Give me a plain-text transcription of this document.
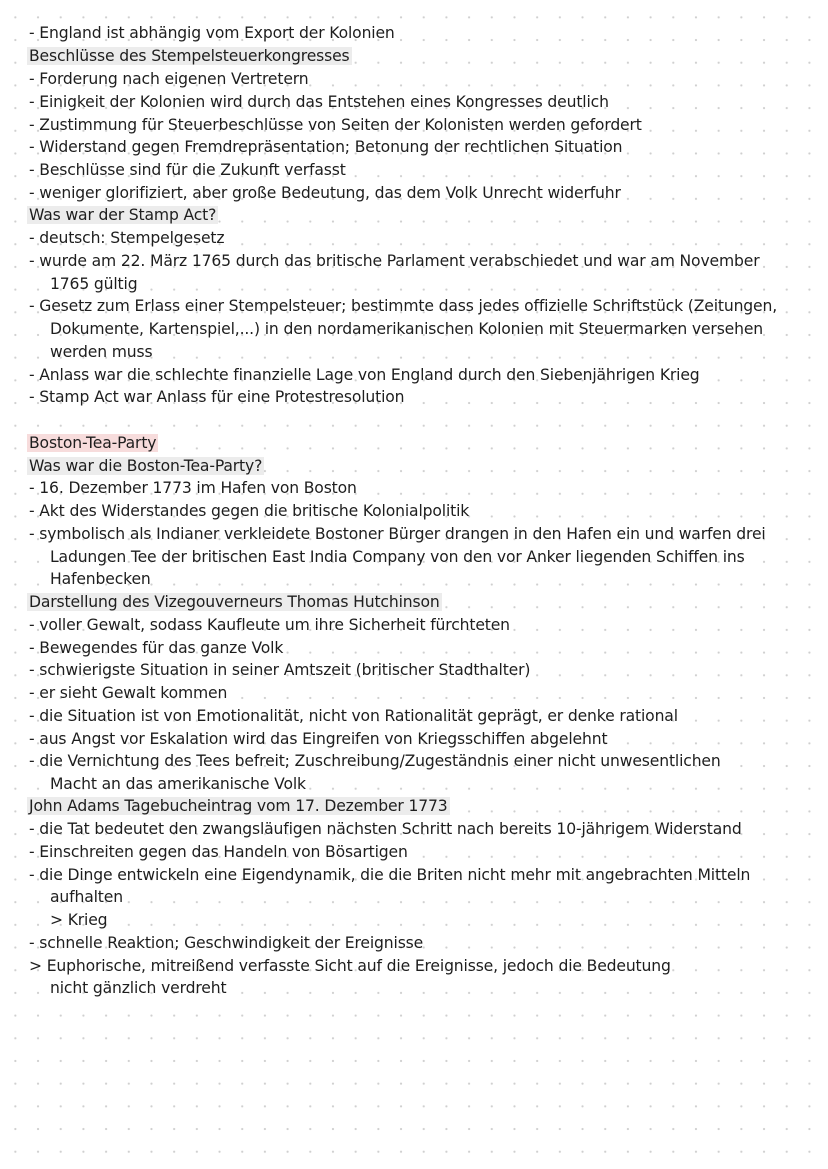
- England ist abhängig vom Export der Kolonien
Beschlüsse des Stempelsteuerkongresses
- Forderung nach eigenen Vertretern
- Einigkeit der Kolonien wird durch das Entstehen eines Kongresses deutlich
- Zustimmung für Steuerbeschlüsse von Seiten der Kolonisten werden gefordert
- Widerstand gegen Fremdrepräsentation; Betonung der rechtlichen Situation
- Beschlüsse sind für die Zukunft verfasst
- weniger glorifiziert, aber große Bedeutung, das dem Volk Unrecht widerfuhr
Was war der Stamp Act?
- deutsch: Stempelgesetz
- wurde am 22. März 1765 durch das britische Parlament verabschiedet und war am November
1765 gültig
- Gesetz zum Erlass einer Stempelsteuer; bestimmte dass jedes offizielle Schriftstück (Zeitungen,
Dokumente, Kartenspiel,...) in den nordamerikanischen Kolonien mit Steuermarken versehen
werden muss
- Anlass war die schlechte finanzielle Lage von England durch den Siebenjährigen Krieg
- Stamp Act war Anlass für eine Protestresolution
Boston-Tea-Party
Was war die Boston-Tea-Party?
- 16. Dezember 1773 im Hafen von Boston
- Akt des Widerstandes gegen die britische Kolonialpolitik
- symbolisch als Indianer verkleidete Bostoner Bürger drangen in den Hafen ein und warfen drei
Ladungen Tee der britischen East India Company von den vor Anker liegenden Schiffen ins
Hafenbecken
Darstellung des Vizegouverneurs Thomas Hutchinson
- voller Gewalt, sodass Kaufleute um ihre Sicherheit fürchteten
- Bewegendes für das ganze Volk
- schwierigste Situation in seiner Amtszeit (britischer Stadthalter)
- er sieht Gewalt kommen
- die Situation ist von Emotionalität, nicht von Rationalität geprägt, er denke rational
- aus Angst vor Eskalation wird das Eingreifen von Kriegsschiffen abgelehnt
- die Vernichtung des Tees befreit; Zuschreibung/Zugeständnis einer nicht unwesentlichen
Macht an das amerikanische Volk
John Adams Tagebucheintrag vom 17. Dezember 1773
- die Tat bedeutet den zwangsläufigen nächsten Schritt nach bereits 10-jährigem Widerstand
- Einschreiten gegen das Handeln von Bösartigen
- die Dinge entwickeln eine Eigendynamik, die die Briten nicht mehr mit angebrachten Mitteln
aufhalten
> Krieg
- schnelle Reaktion; Geschwindigkeit der Ereignisse
> Euphorische, mitreißend verfasste Sicht auf die Ereignisse, jedoch die Bedeutung
nicht gänzlich verdreht
